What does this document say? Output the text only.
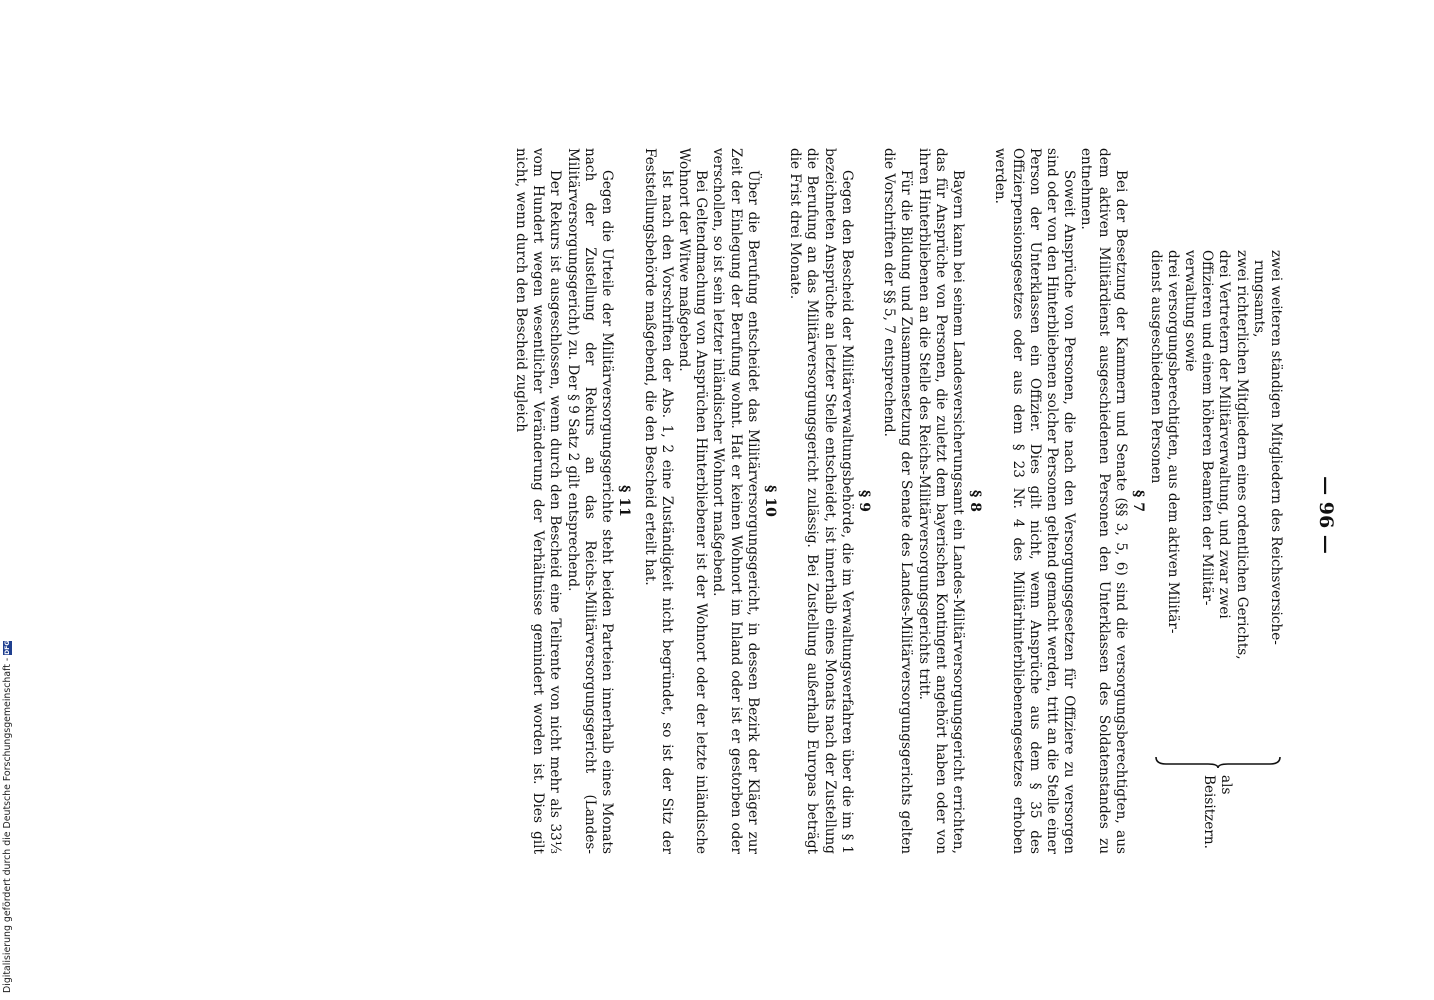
— 96 —
zwei weiteren ständigen Mitgliedern des Reichsversiche-
rungsamts,
zwei richterlichen Mitgliedern eines ordentlichen Gerichts,
drei Vertretern der Militärverwaltung, und zwar zwei
Offizieren und einem höheren Beamten der Militär-
verwaltung sowie
drei versorgungsberechtigten, aus dem aktiven Militär-
dienst ausgeschiedenen Personen
als Beisitzern.
§ 7

Bei der Besetzung der Kammern und Senate (§§ 3, 5, 6) sind die versorgungsberechtigten, aus dem aktiven Militärdienst ausgeschiedenen Personen den Unterklassen des Soldatenstandes zu entnehmen.

Soweit Ansprüche von Personen, die nach den Versorgungsgesetzen für Offiziere zu versorgen sind oder von den Hinterbliebenen solcher Personen geltend gemacht werden, tritt an die Stelle einer Person der Unterklassen ein Offizier. Dies gilt nicht, wenn Ansprüche aus dem § 35 des Offizierpensionsgesetzes oder aus dem § 23 Nr. 4 des Militärhinterbliebenengesetzes erhoben werden.

§ 8

Bayern kann bei seinem Landesversicherungsamt ein Landes-Militärversorgungsgericht errichten, das für Ansprüche von Personen, die zuletzt dem bayerischen Kontingent angehört haben oder von ihren Hinterbliebenen an die Stelle des Reichs-Militärversorgungsgerichts tritt.

Für die Bildung und Zusammensetzung der Senate des Landes-Militärversorgungsgerichts gelten die Vorschriften der §§ 5, 7 entsprechend.

§ 9

Gegen den Bescheid der Militärverwaltungsbehörde, die im Verwaltungsverfahren über die im § 1 bezeichneten Ansprüche an letzter Stelle entscheidet, ist innerhalb eines Monats nach der Zustellung die Berufung an das Militärversorgungsgericht zulässig. Bei Zustellung außerhalb Europas beträgt die Frist drei Monate.

§ 10

Über die Berufung entscheidet das Militärversorgungsgericht, in dessen Bezirk der Kläger zur Zeit der Einlegung der Berufung wohnt. Hat er keinen Wohnort im Inland oder ist er gestorben oder verschollen, so ist sein letzter inländischer Wohnort maßgebend.

Bei Geltendmachung von Ansprüchen Hinterbliebener ist der Wohnort oder der letzte inländische Wohnort der Witwe maßgebend.

Ist nach den Vorschriften der Abs. 1, 2 eine Zuständigkeit nicht begründet, so ist der Sitz der Feststellungsbehörde maßgebend, die den Bescheid erteilt hat.

§ 11

Gegen die Urteile der Militärversorgungsgerichte steht beiden Parteien innerhalb eines Monats nach der Zustellung der Rekurs an das Reichs-Militärversorgungsgericht (Landes-Militärversorgungsgericht) zu. Der § 9 Satz 2 gilt entsprechend.

Der Rekurs ist ausgeschlossen, wenn durch den Bescheid eine Teilrente von nicht mehr als 33⅓ vom Hundert wegen wesentlicher Veränderung der Verhältnisse gemindert worden ist. Dies gilt nicht, wenn durch den Bescheid zugleich

Digitalisierung gefördert durch die Deutsche Forschungsgemeinschaft -DFG
